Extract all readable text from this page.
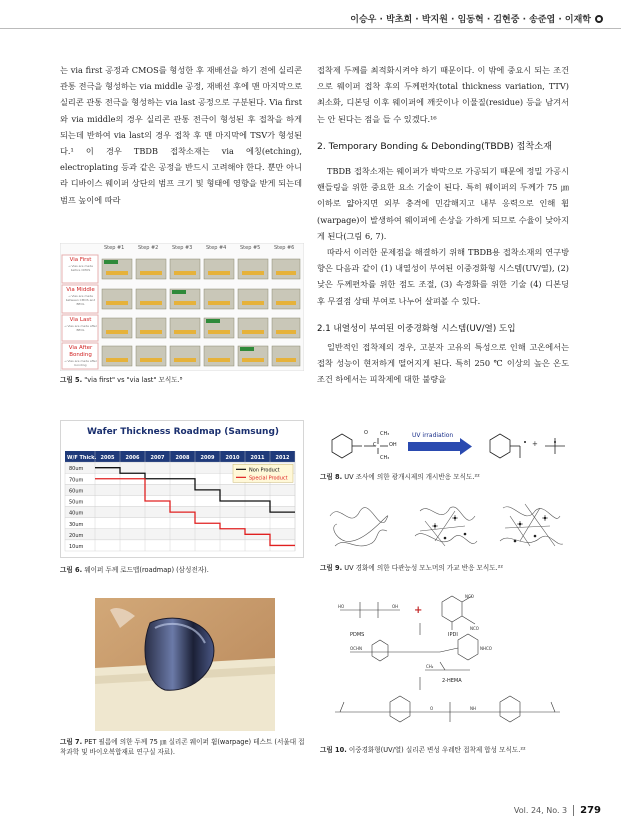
이승우 · 박초희 · 박지원 · 임동혁 · 김현중 · 송준엽 · 이재학

는 via first 공정과 CMOS를 형성한 후 재배선을 하기 전에 실리콘 관통 전극을 형성하는 via middle 공정, 재배선 후에 맨 마지막으로 실리콘 관통 전극을 형성하는 via last 공정으로 구분된다. Via first와 via middle의 경우 실리콘 관통 전극이 형성된 후 접착을 하게 되는데 반하여 via last의 경우 접착 후 맨 마지막에 TSV가 형성된다.¹ 이 경우 TBDB 접착소재는 via 에칭(etching), electroplating 등과 같은 공정을 반드시 고려해야 한다. 뿐만 아니라 디바이스 웨이퍼 상단의 범프 크기 및 형태에 영향을 받게 되는데 범프 높이에 따라

접착제 두께를 최적화시켜야 하기 때문이다. 이 밖에 중요시 되는 조건으로 웨이퍼 접착 후의 두께편차(total thickness variation, TTV) 최소화, 디본딩 이후 웨이퍼에 깨끗이나 이물질(residue) 등을 남겨서는 안 된다는 점을 들 수 있겠다.¹⁶

2. Temporary Bonding & Debonding(TBDB) 접착소재

TBDB 접착소재는 웨이퍼가 박막으로 가공되기 때문에 정밀 가공시 핸들링을 위한 중요한 요소 기술이 된다. 특히 웨이퍼의 두께가 75 ㎛ 이하로 얇아지면 외부 충격에 민감해지고 내부 응력으로 인해 휨(warpage)이 발생하여 웨이퍼에 손상을 가하게 되므로 수율이 낮아지게 된다(그림 6, 7).

따라서 이러한 문제점을 해결하기 위해 TBDB용 접착소재의 연구방향은 다음과 같이 (1) 내열성이 부여된 이중경화형 시스템(UV/열), (2) 낮은 두께편차를 위한 점도 조절, (3) 속경화를 위한 기술 (4) 디본딩 후 무결점 상태 부여로 나누어 살펴볼 수 있다.

2.1 내열성이 부여된 이중경화형 시스템(UV/열) 도입

일반적인 접착제의 경우, 고분자 고유의 특성으로 인해 고온에서는 접착 성능이 현저하게 떨어지게 된다. 특히 250 ℃ 이상의 높은 온도 조건 하에서는 피착제에 대한 불량을

Step #1	Step #2	Step #3	Step #4	Step #5	Step #6
Via First
→ Vias are made before CMOS
Via Middle
→ Vias are made between CMOS and BEOL
Via Last
→ Vias are made after BEOL
Via After Bonding
→ Vias are made after bonding
그림 5. "via first" vs "via last" 모식도.⁸
Wafer Thickness Roadmap (Samsung)
W/F Thick. 2005 2006 2007 2008 2009 2010 2011 2012
80um
70um
60um
50um
40um
30um
20um
10um
Non Product
Special Product
그림 6. 웨이퍼 두께 로드맵(roadmap) (삼성전자).
그림 7. PET 필름에 의한 두께 75 ㎛ 실리콘 웨이퍼 휨(warpage) 테스트 (서울대 접착과학 및 바이오복합재료 연구실 자료).
+
O CH₃
C	OH
CH₃
UV irradiation
그림 8. UV 조사에 의한 광개시제의 개시반응 모식도.²²
그림 9. UV 경화에 의한 다관능성 모노머의 가교 반응 모식도.²²
+
HO	OH
NCO
NCO
OCHN	NHCO
CH₂
O	NH
PDMS	IPDI
2-HEMA
그림 10. 이중경화형(UV/열) 실리콘 변성 우레탄 접착제 합성 모식도.²²
Vol. 24, No. 3	279
